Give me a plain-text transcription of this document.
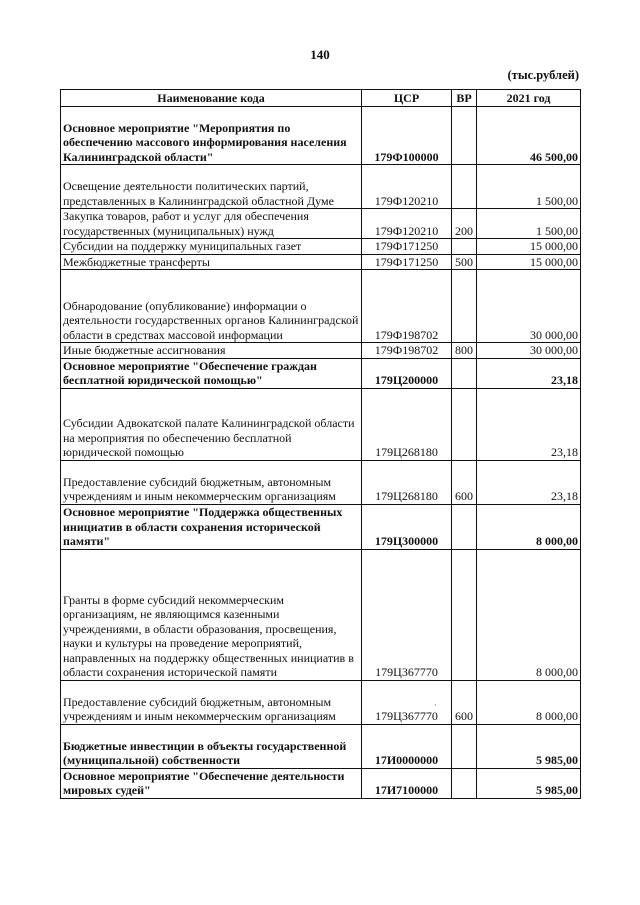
140
(тыс.рублей)
Наименование кода	ЦСР	ВР	2021 год
Основное мероприятие "Мероприятия по обеспечению массового информирования населения Калининградской области"	179Ф100000		46 500,00
Освещение деятельности политических партий, представленных в Калининградской областной Думе	179Ф120210		1 500,00
Закупка товаров, работ и услуг для обеспечения государственных (муниципальных) нужд	179Ф120210	200	1 500,00
Субсидии на поддержку муниципальных газет	179Ф171250		15 000,00
Межбюджетные трансферты	179Ф171250	500	15 000,00
Обнародование (опубликование) информации о деятельности государственных органов Калининградской области в средствах массовой информации	179Ф198702		30 000,00
Иные бюджетные ассигнования	179Ф198702	800	30 000,00
Основное мероприятие "Обеспечение граждан бесплатной юридической помощью"	179Ц200000		23,18
Субсидии Адвокатской палате Калининградской области на мероприятия по обеспечению бесплатной юридической помощью	179Ц268180		23,18
Предоставление субсидий бюджетным, автономным учреждениям и иным некоммерческим организациям	179Ц268180	600	23,18
Основное мероприятие "Поддержка общественных инициатив в области сохранения исторической памяти"	179Ц300000		8 000,00
Гранты в форме субсидий некоммерческим организациям, не являющимся казенными учреждениями, в области образования, просвещения, науки и культуры на проведение мероприятий, направленных на поддержку общественных инициатив в области сохранения исторической памяти	179Ц367770		8 000,00
Предоставление субсидий бюджетным, автономным учреждениям и иным некоммерческим организациям	179Ц367770	600	8 000,00
Бюджетные инвестиции в объекты государственной (муниципальной) собственности	17И0000000		5 985,00
Основное мероприятие "Обеспечение деятельности мировых судей"	17И7100000		5 985,00
·
